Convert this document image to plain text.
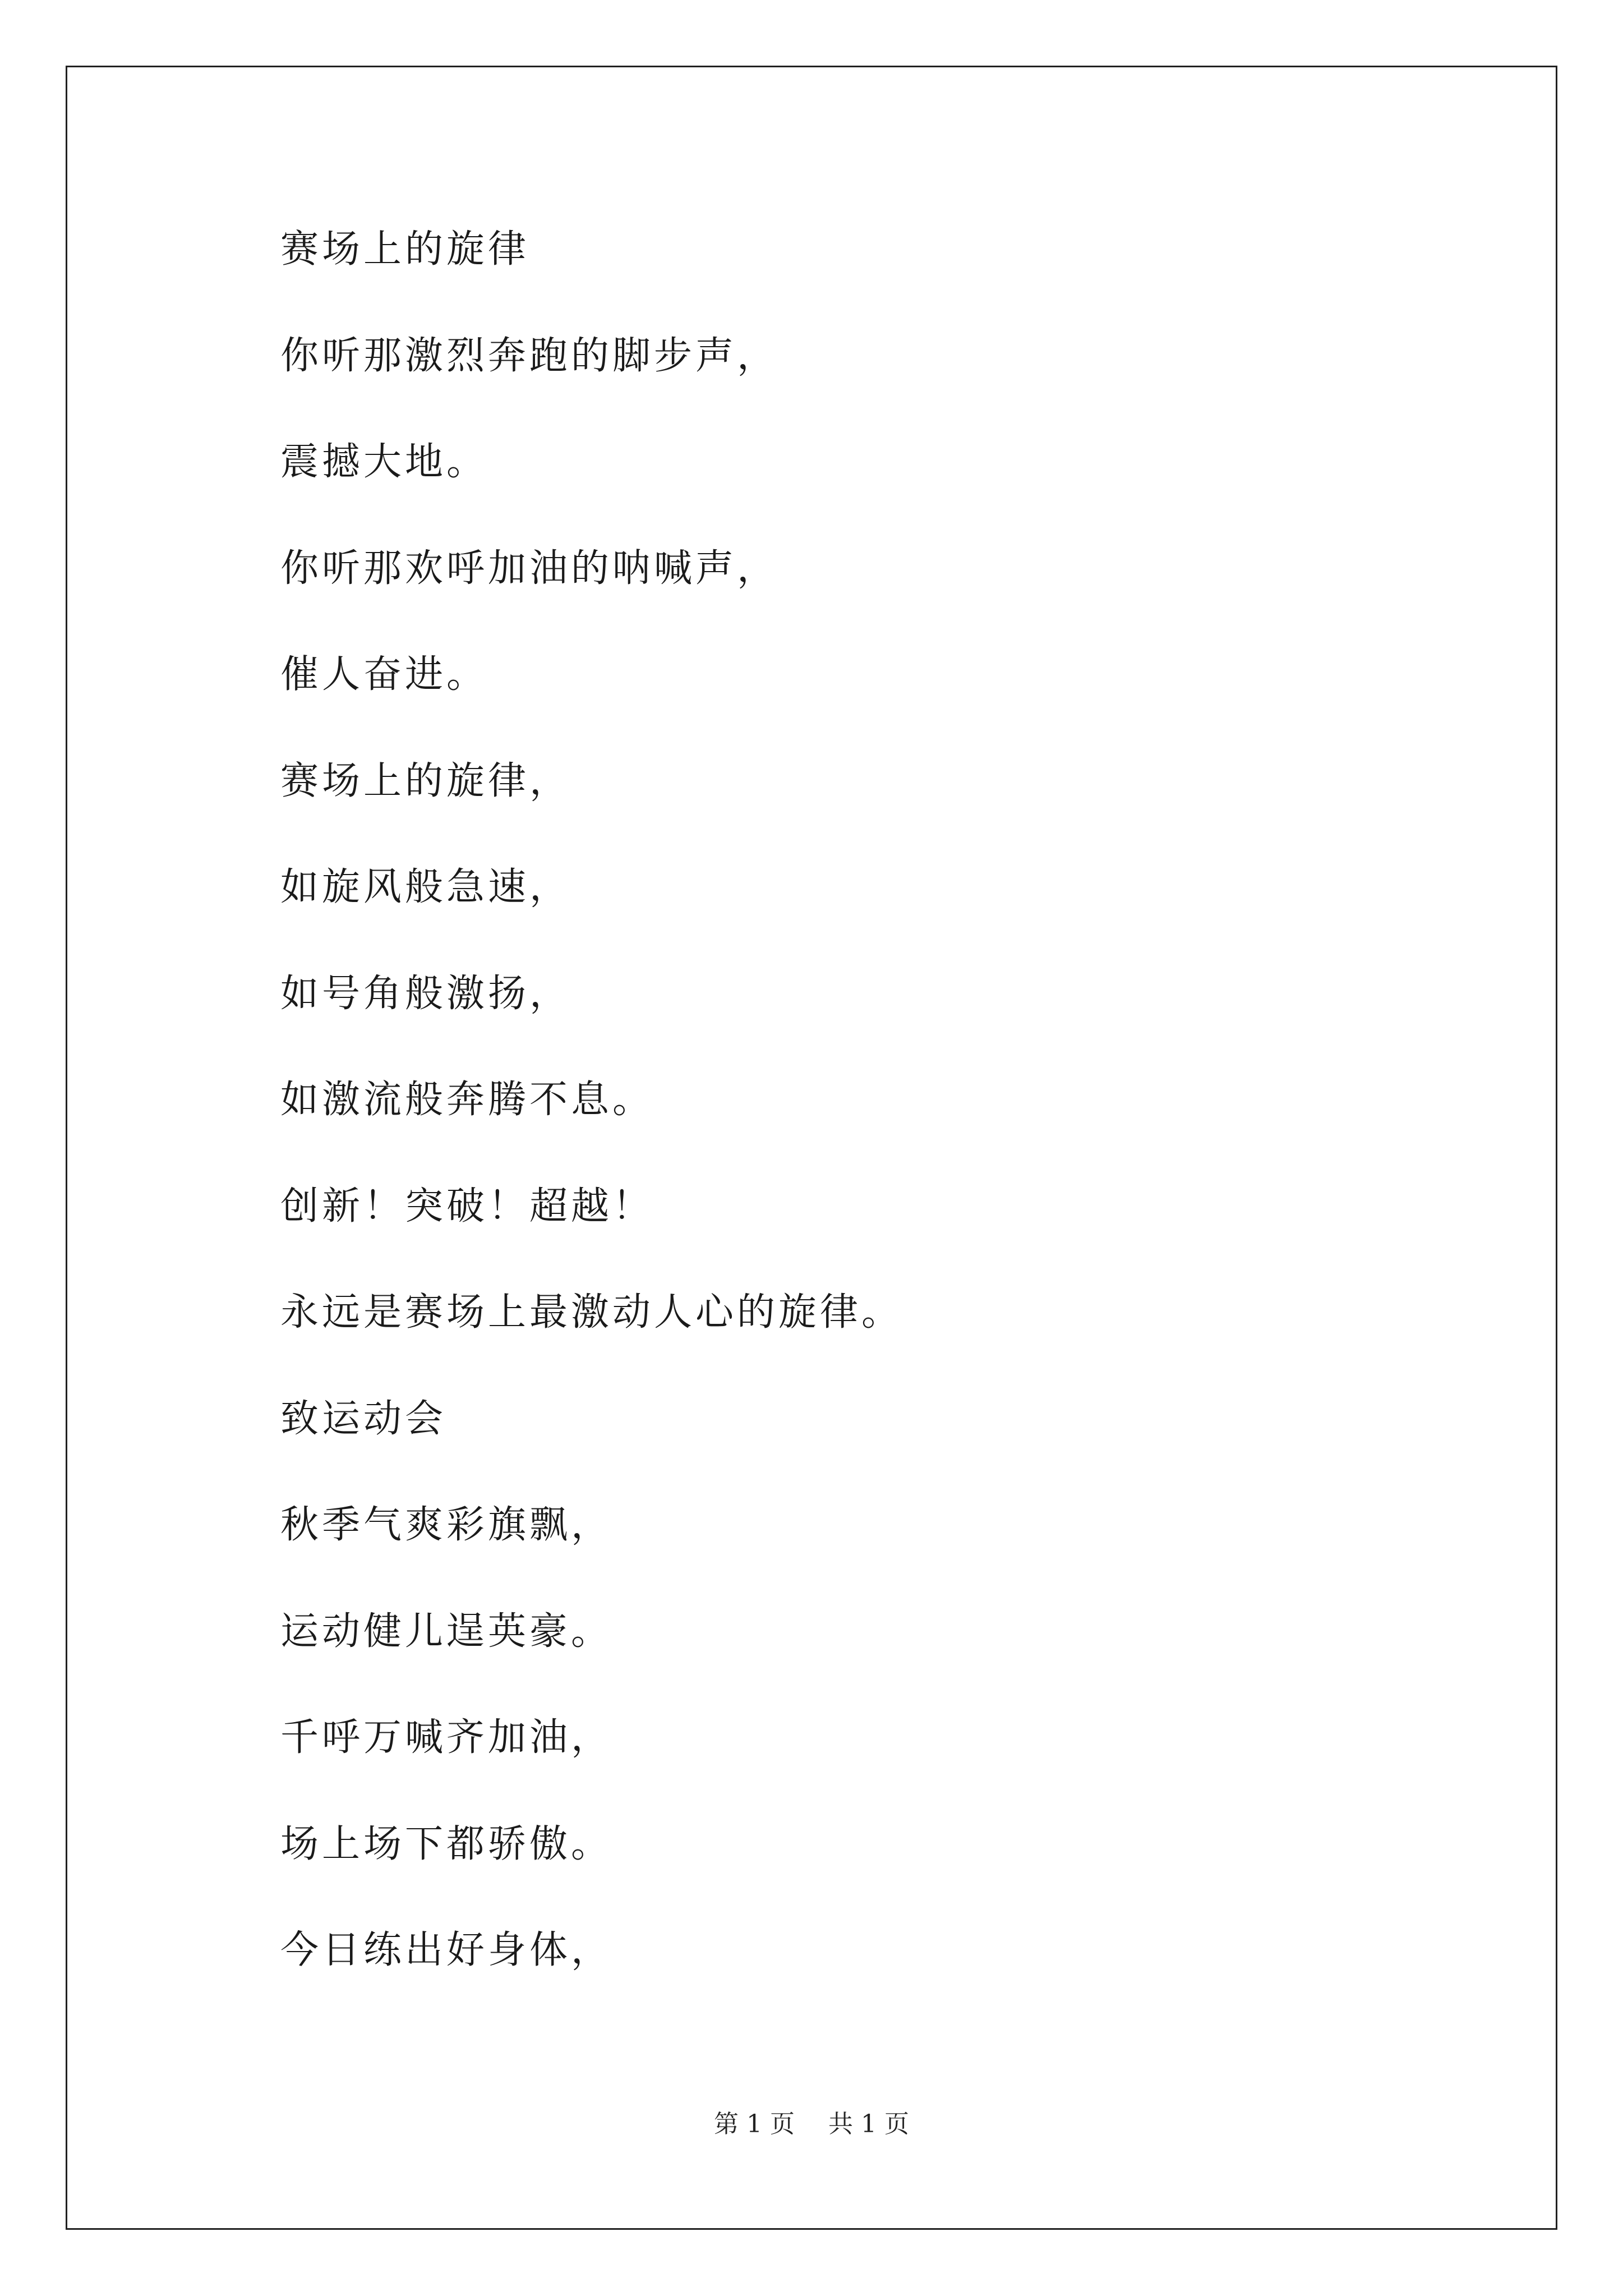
赛场上的旋律
你听那激烈奔跑的脚步声，
震撼大地。
你听那欢呼加油的呐喊声，
催人奋进。
赛场上的旋律，
如旋风般急速，
如号角般激扬，
如激流般奔腾不息。
创新！突破！超越！
永远是赛场上最激动人心的旋律。
致运动会
秋季气爽彩旗飘，
运动健儿逞英豪。
千呼万喊齐加油，
场上场下都骄傲。
今日练出好身体，
第 1 页 共 1 页
